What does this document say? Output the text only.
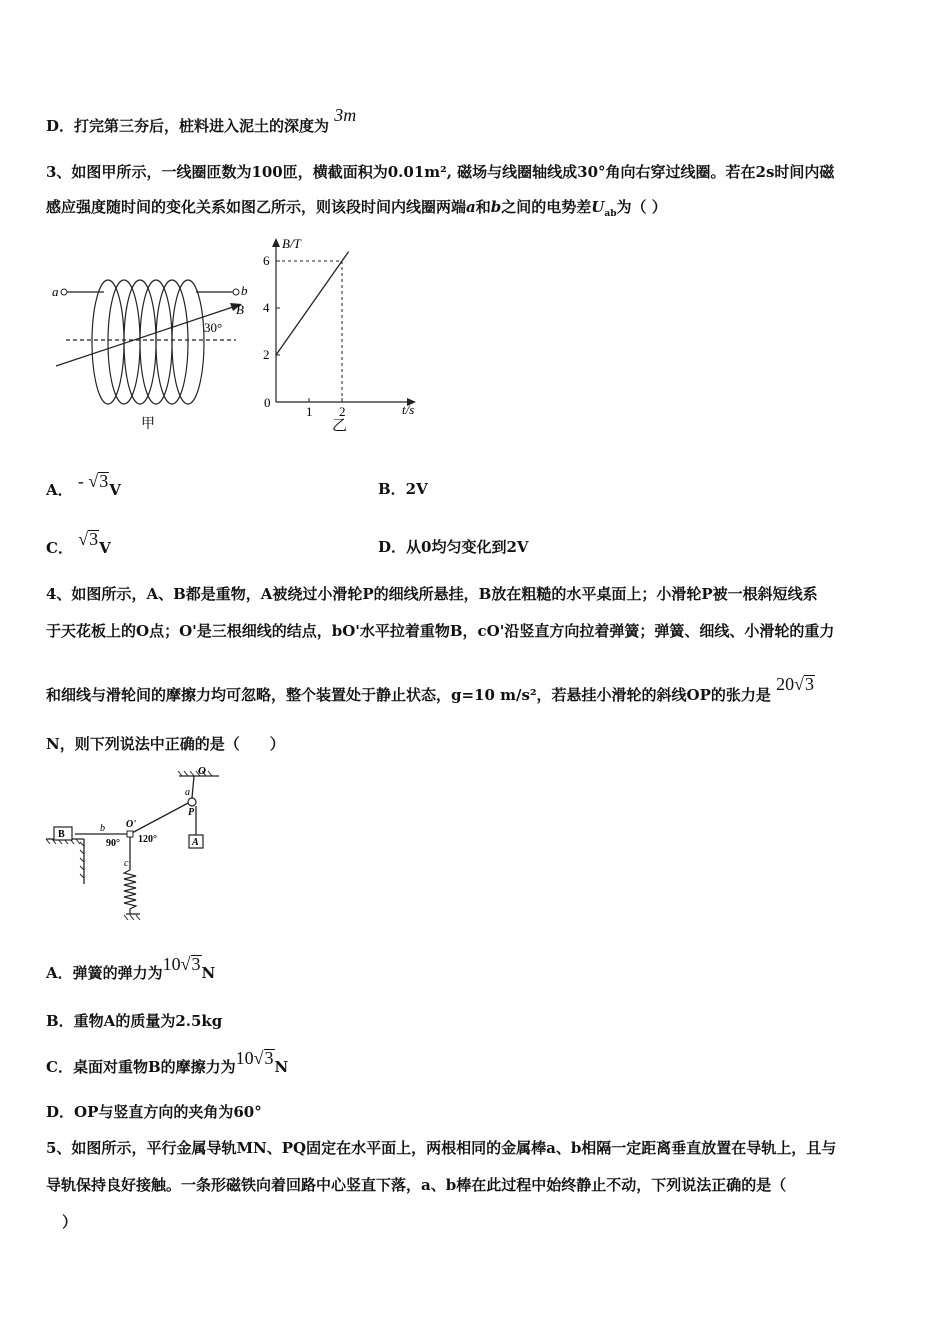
D．打完第三夯后，桩料进入泥土的深度为 3m
3、如图甲所示，一线圈匝数为100匝，横截面积为0.01m², 磁场与线圈轴线成30°角向右穿过线圈。若在2s时间内磁
感应强度随时间的变化关系如图乙所示，则该段时间内线圈两端a和b之间的电势差$U_{ab}$为（ ）
a	b
B
30°
甲
2
4
6
1 2
B/T
t/s
0
乙
A． - √3V	B．2V
C． √3V	D．从0均匀变化到2V
4、如图所示，A、B都是重物，A被绕过小滑轮P的细线所悬挂，B放在粗糙的水平桌面上；小滑轮P被一根斜短线系
于天花板上的O点；O'是三根细线的结点，bO'水平拉着重物B，cO'沿竖直方向拉着弹簧；弹簧、细线、小滑轮的重力
和细线与滑轮间的摩擦力均可忽略，整个装置处于静止状态，g=10 m/s²，若悬挂小滑轮的斜线OP的张力是 20√3
N，则下列说法中正确的是（　　）
O
a
P
A
B
b O'
c
90° 120°
A．弹簧的弹力为10√3N
B．重物A的质量为2.5kg
C．桌面对重物B的摩擦力为10√3N
D．OP与竖直方向的夹角为60°
5、如图所示，平行金属导轨MN、PQ固定在水平面上，两根相同的金属棒a、b相隔一定距离垂直放置在导轨上，且与
导轨保持良好接触。一条形磁铁向着回路中心竖直下落，a、b棒在此过程中始终静止不动，下列说法正确的是（
）
